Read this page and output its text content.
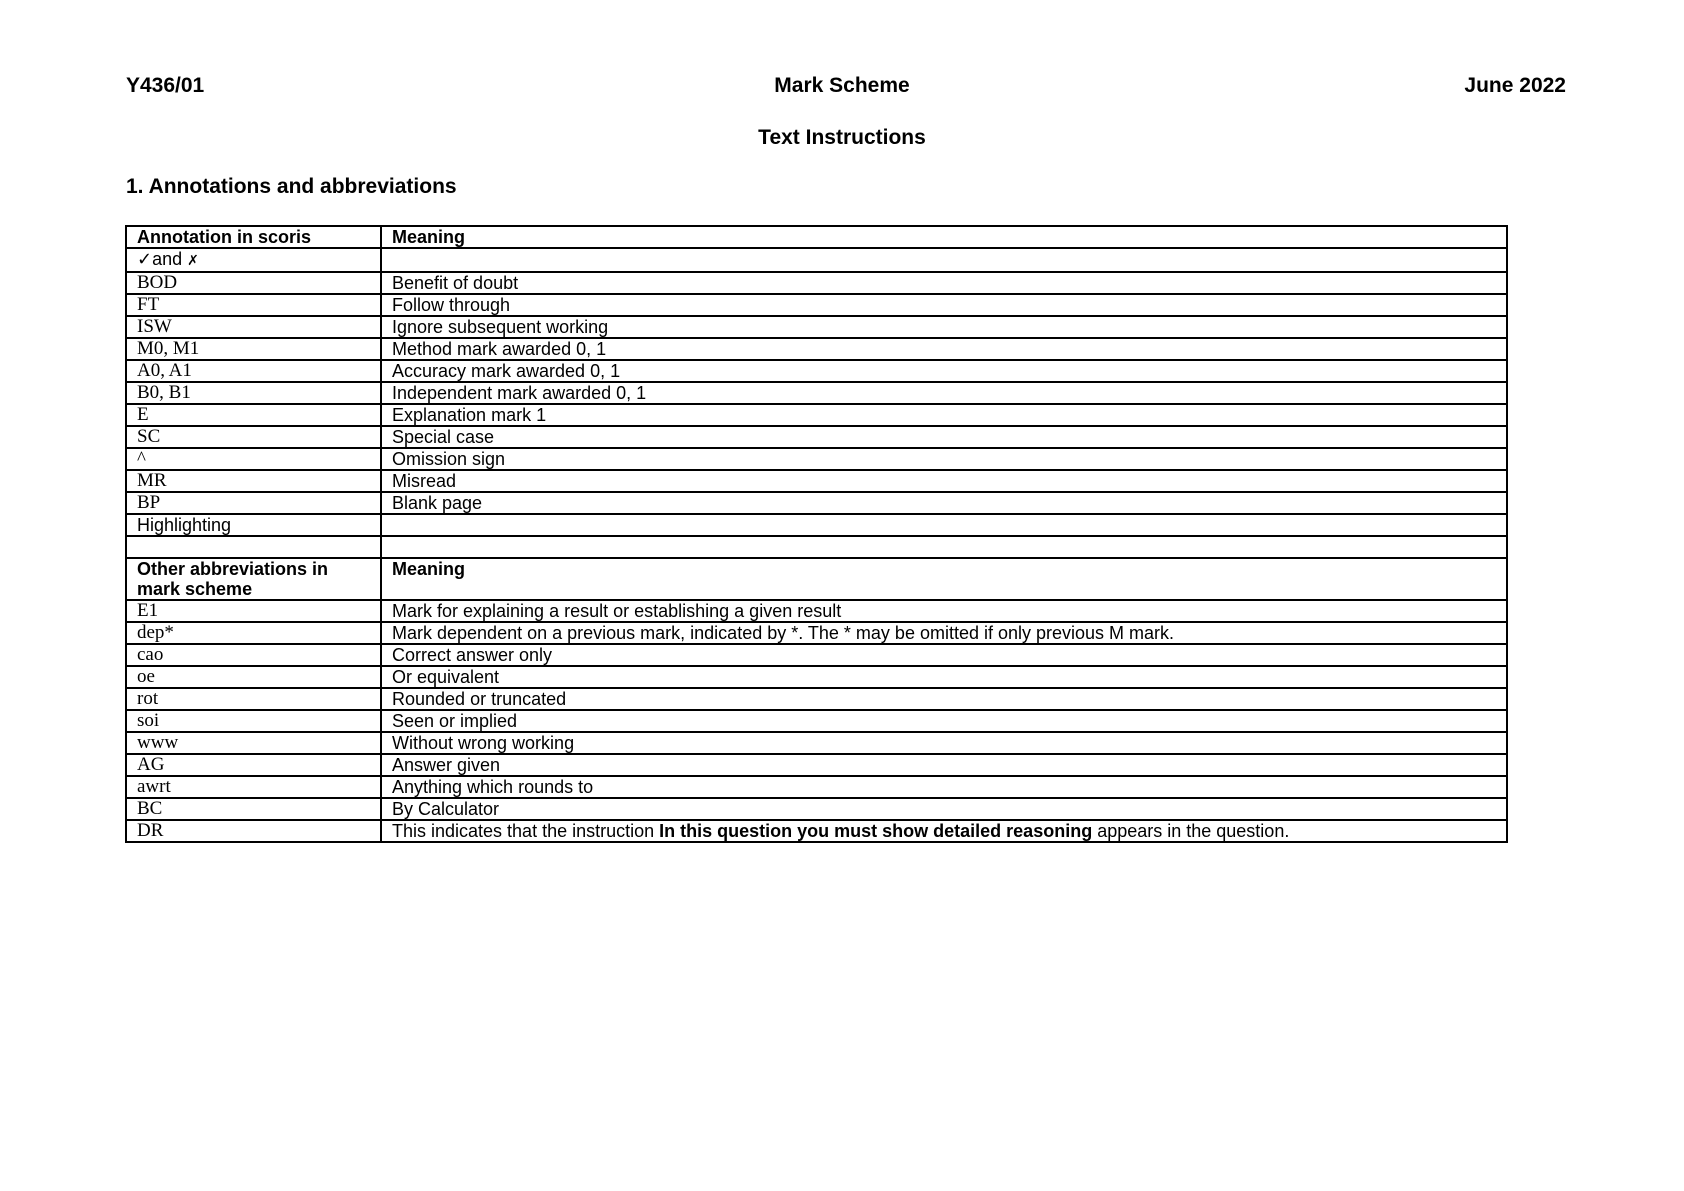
Y436/01	Mark Scheme	June 2022
Text Instructions
1. Annotations and abbreviations
Annotation in scoris	Meaning
✓and ✗	
BOD	Benefit of doubt
FT	Follow through
ISW	Ignore subsequent working
M0, M1	Method mark awarded 0, 1
A0, A1	Accuracy mark awarded 0, 1
B0, B1	Independent mark awarded 0, 1
E	Explanation mark 1
SC	Special case
^	Omission sign
MR	Misread
BP	Blank page
Highlighting	

Other abbreviations in mark scheme	Meaning
E1	Mark for explaining a result or establishing a given result
dep*	Mark dependent on a previous mark, indicated by *. The * may be omitted if only previous M mark.
cao	Correct answer only
oe	Or equivalent
rot	Rounded or truncated
soi	Seen or implied
www	Without wrong working
AG	Answer given
awrt	Anything which rounds to
BC	By Calculator
DR	This indicates that the instruction In this question you must show detailed reasoning appears in the question.
